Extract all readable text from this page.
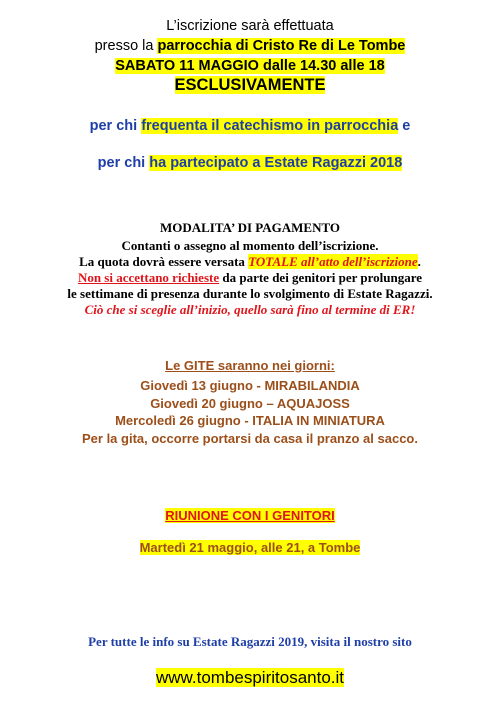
L’iscrizione sarà effettuata
presso la parrocchia di Cristo Re di Le Tombe
SABATO 11 MAGGIO dalle 14.30 alle 18
ESCLUSIVAMENTE
per chi frequenta il catechismo in parrocchia e
per chi ha partecipato a Estate Ragazzi 2018
MODALITA’ DI PAGAMENTO
Contanti o assegno al momento dell’iscrizione.
La quota dovrà essere versata TOTALE all’atto dell’iscrizione.
Non si accettano richieste da parte dei genitori per prolungare
le settimane di presenza durante lo svolgimento di Estate Ragazzi.
Ciò che si sceglie all’inizio, quello sarà fino al termine di ER!
Le GITE saranno nei giorni:
Giovedì 13 giugno - MIRABILANDIA
Giovedì 20 giugno – AQUAJOSS
Mercoledì 26 giugno - ITALIA IN MINIATURA
Per la gita, occorre portarsi da casa il pranzo al sacco.
RIUNIONE CON I GENITORI
Martedì 21 maggio, alle 21, a Tombe
Per tutte le info su Estate Ragazzi 2019, visita il nostro sito
www.tombespiritosanto.it
